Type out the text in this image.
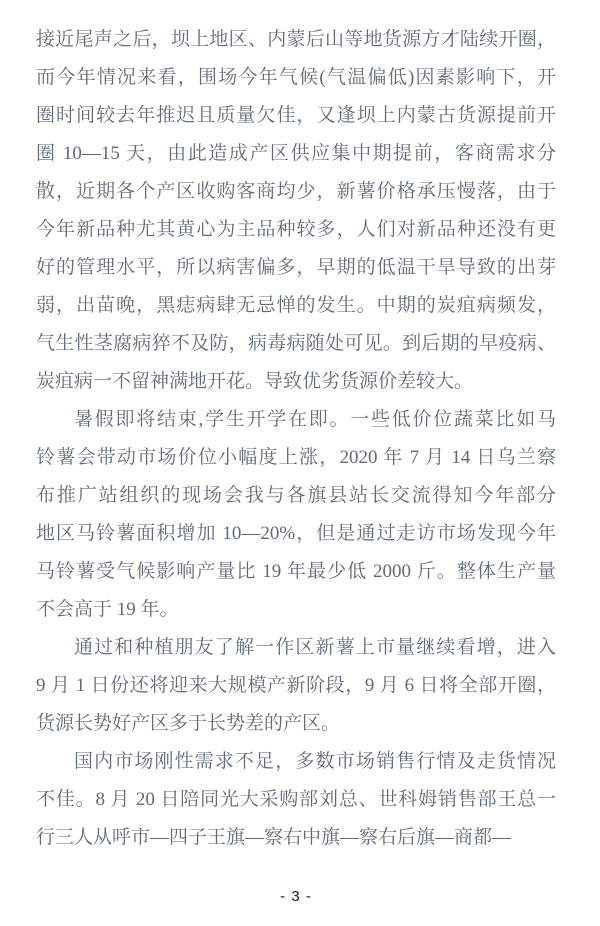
接近尾声之后，坝上地区、内蒙后山等地货源方才陆续开圈，
而今年情况来看，围场今年气候(气温偏低)因素影响下，开
圈时间较去年推迟且质量欠佳，又逢坝上内蒙古货源提前开
圈 10—15 天，由此造成产区供应集中期提前，客商需求分
散，近期各个产区收购客商均少，新薯价格承压慢落，由于
今年新品种尤其黄心为主品种较多，人们对新品种还没有更
好的管理水平，所以病害偏多，早期的低温干旱导致的出芽
弱，出苗晚，黑痣病肆无忌惮的发生。中期的炭疽病频发，
气生性茎腐病猝不及防，病毒病随处可见。到后期的早疫病、
炭疽病一不留神满地开花。导致优劣货源价差较大。
暑假即将结束,学生开学在即。一些低价位蔬菜比如马
铃薯会带动市场价位小幅度上涨，2020 年 7 月 14 日乌兰察
布推广站组织的现场会我与各旗县站长交流得知今年部分
地区马铃薯面积增加 10—20%，但是通过走访市场发现今年
马铃薯受气候影响产量比 19 年最少低 2000 斤。整体生产量
不会高于 19 年。
通过和种植朋友了解一作区新薯上市量继续看增，进入
9 月 1 日份还将迎来大规模产新阶段，9 月 6 日将全部开圈，
货源长势好产区多于长势差的产区。
国内市场刚性需求不足，多数市场销售行情及走货情况
不佳。8 月 20 日陪同光大采购部刘总、世科姆销售部王总一
行三人从呼市—四子王旗—察右中旗—察右后旗—商都—
- 3 -
